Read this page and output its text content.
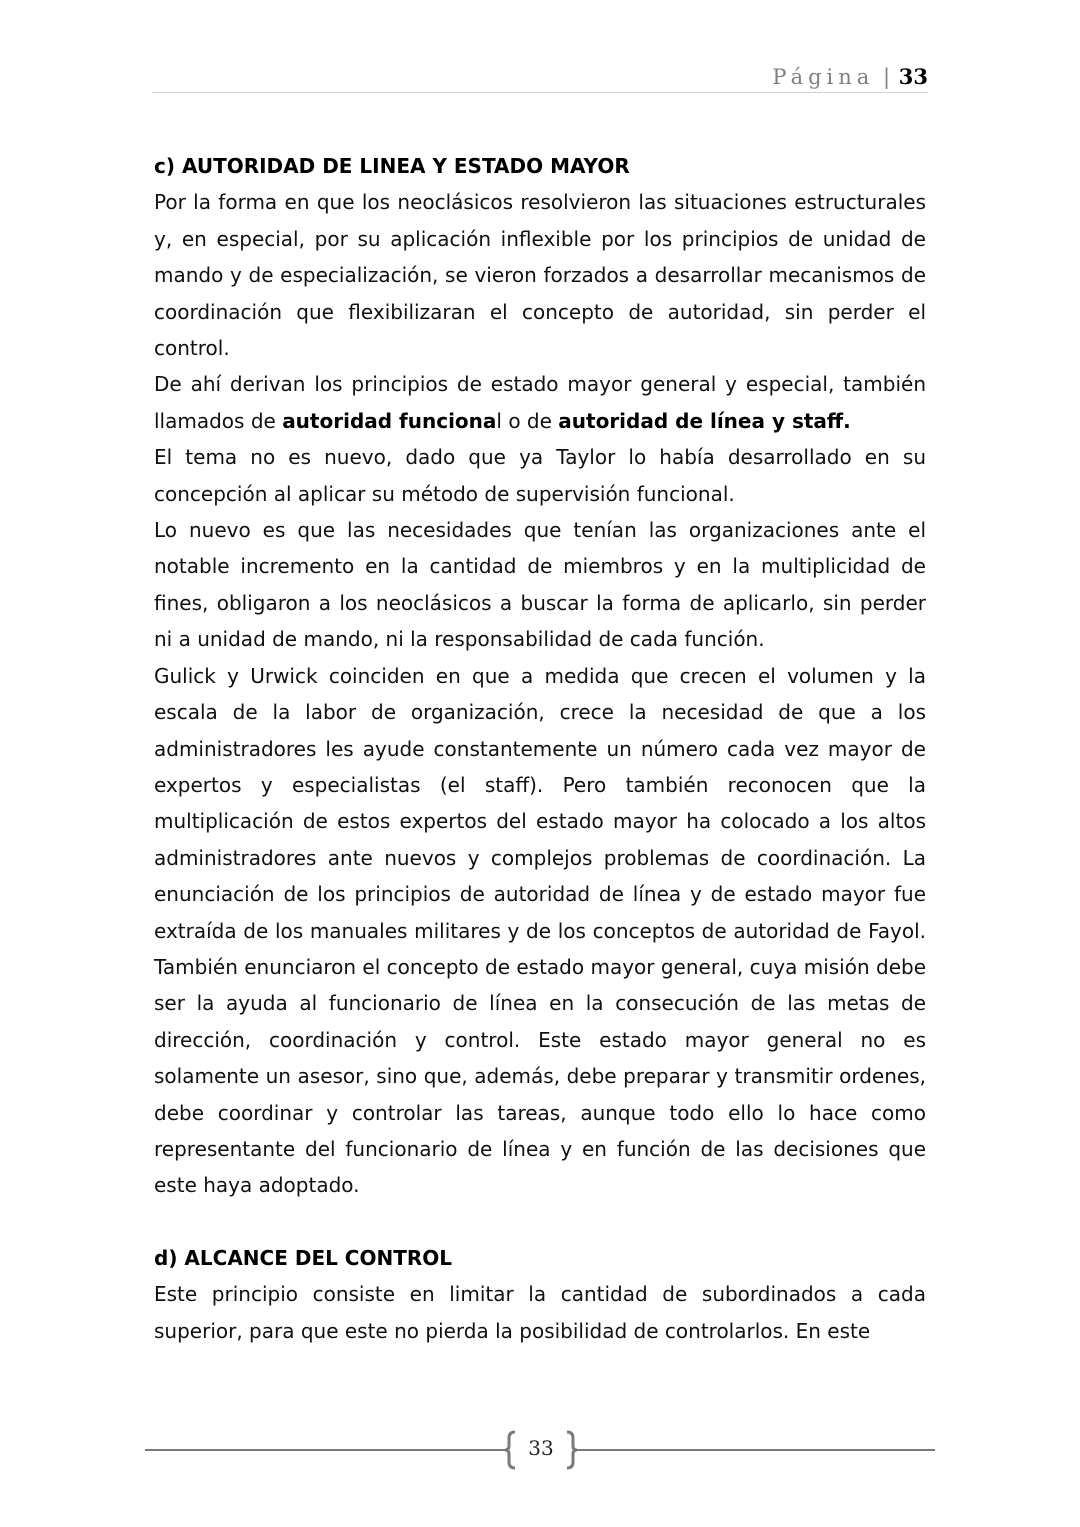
Página | 33
c) AUTORIDAD DE LINEA Y ESTADO MAYOR

Por la forma en que los neoclásicos resolvieron las situaciones estructurales y, en especial, por su aplicación inflexible por los principios de unidad de mando y de especialización, se vieron forzados a desarrollar mecanismos de coordinación que flexibilizaran el concepto de autoridad, sin perder el control.

De ahí derivan los principios de estado mayor general y especial, también llamados de autoridad funcional o de autoridad de línea y staff.

El tema no es nuevo, dado que ya Taylor lo había desarrollado en su concepción al aplicar su método de supervisión funcional.

Lo nuevo es que las necesidades que tenían las organizaciones ante el notable incremento en la cantidad de miembros y en la multiplicidad de fines, obligaron a los neoclásicos a buscar la forma de aplicarlo, sin perder ni a unidad de mando, ni la responsabilidad de cada función.

Gulick y Urwick coinciden en que a medida que crecen el volumen y la escala de la labor de organización, crece la necesidad de que a los administradores les ayude constantemente un número cada vez mayor de expertos y especialistas (el staff). Pero también reconocen que la multiplicación de estos expertos del estado mayor ha colocado a los altos administradores ante nuevos y complejos problemas de coordinación. La enunciación de los principios de autoridad de línea y de estado mayor fue extraída de los manuales militares y de los conceptos de autoridad de Fayol. También enunciaron el concepto de estado mayor general, cuya misión debe ser la ayuda al funcionario de línea en la consecución de las metas de dirección, coordinación y control. Este estado mayor general no es solamente un asesor, sino que, además, debe preparar y transmitir ordenes, debe coordinar y controlar las tareas, aunque todo ello lo hace como representante del funcionario de línea y en función de las decisiones que este haya adoptado.

d) ALCANCE DEL CONTROL

Este principio consiste en limitar la cantidad de subordinados a cada superior, para que este no pierda la posibilidad de controlarlos. En este

33
